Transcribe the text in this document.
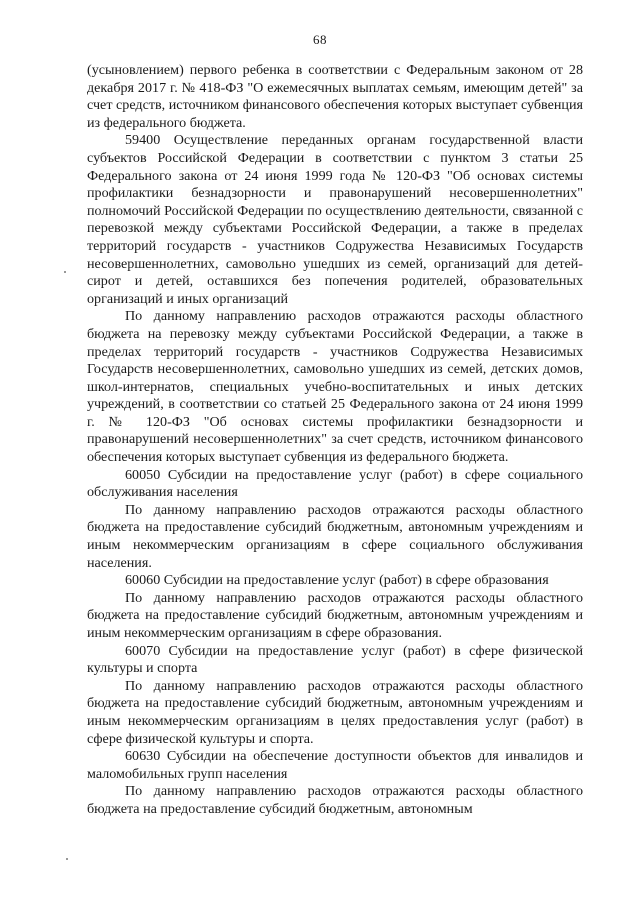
68

(усыновлением) первого ребенка в соответствии с Федеральным законом от 28 декабря 2017 г. № 418-ФЗ "О ежемесячных выплатах семьям, имеющим детей" за счет средств, источником финансового обеспечения которых выступает субвенция из федерального бюджета.

59400 Осуществление переданных органам государственной власти субъектов Российской Федерации в соответствии с пунктом 3 статьи 25 Федерального закона от 24 июня 1999 года № 120-ФЗ "Об основах системы профилактики безнадзорности и правонарушений несовершеннолетних" полномочий Российской Федерации по осуществлению деятельности, связанной с перевозкой между субъектами Российской Федерации, а также в пределах территорий государств - участников Содружества Независимых Государств несовершеннолетних, самовольно ушедших из семей, организаций для детей-сирот и детей, оставшихся без попечения родителей, образовательных организаций и иных организаций

По данному направлению расходов отражаются расходы областного бюджета на перевозку между субъектами Российской Федерации, а также в пределах территорий государств - участников Содружества Независимых Государств несовершеннолетних, самовольно ушедших из семей, детских домов, школ-интернатов, специальных учебно-воспитательных и иных детских учреждений, в соответствии со статьей 25 Федерального закона от 24 июня 1999 г. № 120-ФЗ "Об основах системы профилактики безнадзорности и правонарушений несовершеннолетних" за счет средств, источником финансового обеспечения которых выступает субвенция из федерального бюджета.

60050 Субсидии на предоставление услуг (работ) в сфере социального обслуживания населения

По данному направлению расходов отражаются расходы областного бюджета на предоставление субсидий бюджетным, автономным учреждениям и иным некоммерческим организациям в сфере социального обслуживания населения.

60060 Субсидии на предоставление услуг (работ) в сфере образования

По данному направлению расходов отражаются расходы областного бюджета на предоставление субсидий бюджетным, автономным учреждениям и иным некоммерческим организациям в сфере образования.

60070 Субсидии на предоставление услуг (работ) в сфере физической культуры и спорта

По данному направлению расходов отражаются расходы областного бюджета на предоставление субсидий бюджетным, автономным учреждениям и иным некоммерческим организациям в целях предоставления услуг (работ) в сфере физической культуры и спорта.

60630 Субсидии на обеспечение доступности объектов для инвалидов и маломобильных групп населения

По данному направлению расходов отражаются расходы областного бюджета на предоставление субсидий бюджетным, автономным
